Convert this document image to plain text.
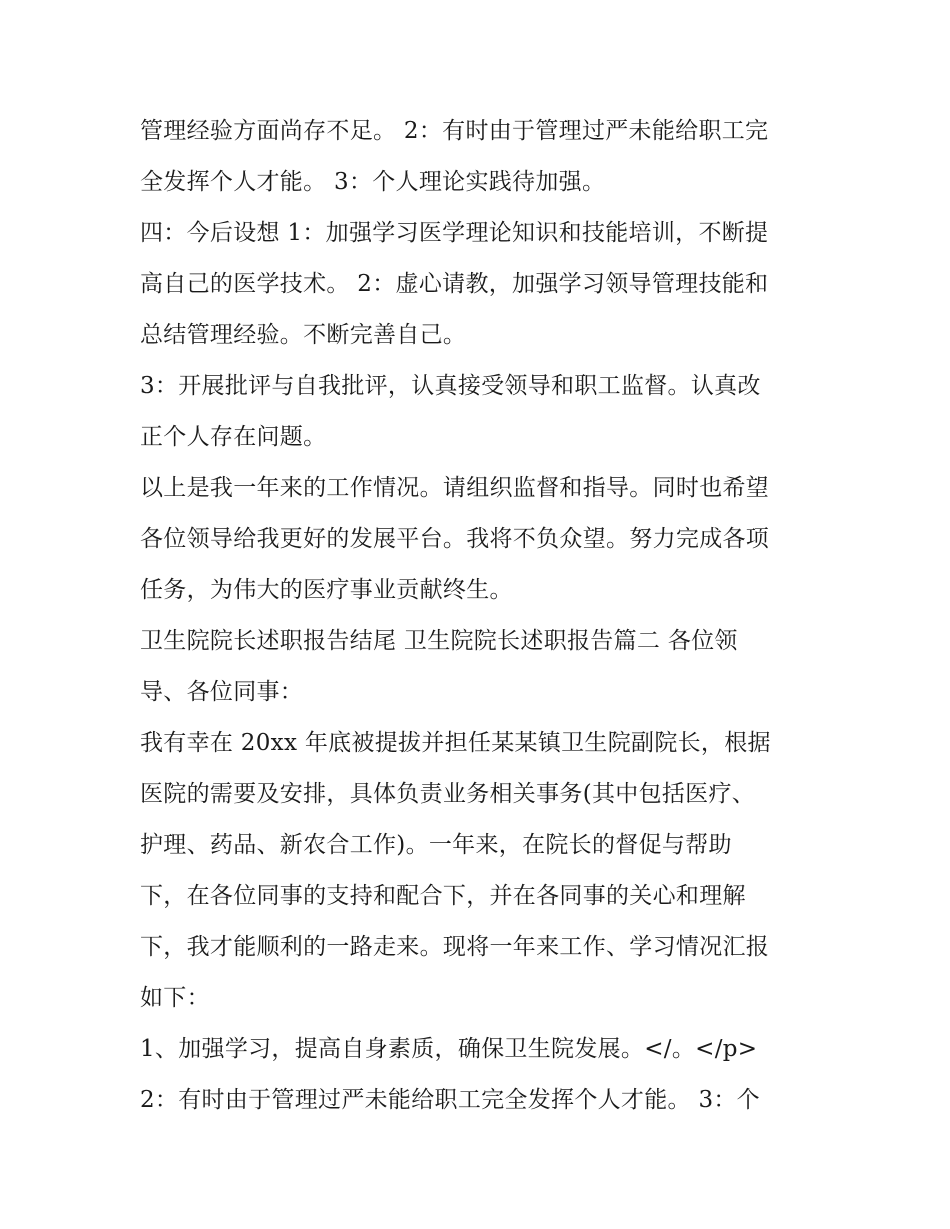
管理经验方面尚存不足。 2：有时由于管理过严未能给职工完
全发挥个人才能。 3：个人理论实践待加强。
四：今后设想 1：加强学习医学理论知识和技能培训，不断提
高自己的医学技术。 2：虚心请教，加强学习领导管理技能和
总结管理经验。不断完善自己。
3：开展批评与自我批评，认真接受领导和职工监督。认真改
正个人存在问题。
以上是我一年来的工作情况。请组织监督和指导。同时也希望
各位领导给我更好的发展平台。我将不负众望。努力完成各项
任务，为伟大的医疗事业贡献终生。
卫生院院长述职报告结尾 卫生院院长述职报告篇二 各位领
导、各位同事：
我有幸在 20xx 年底被提拔并担任某某镇卫生院副院长，根据
医院的需要及安排，具体负责业务相关事务(其中包括医疗、
护理、药品、新农合工作)。一年来，在院长的督促与帮助
下，在各位同事的支持和配合下，并在各同事的关心和理解
下，我才能顺利的一路走来。现将一年来工作、学习情况汇报
如下：
1、加强学习，提高自身素质，确保卫生院发展。</。</p>
2：有时由于管理过严未能给职工完全发挥个人才能。 3：个
